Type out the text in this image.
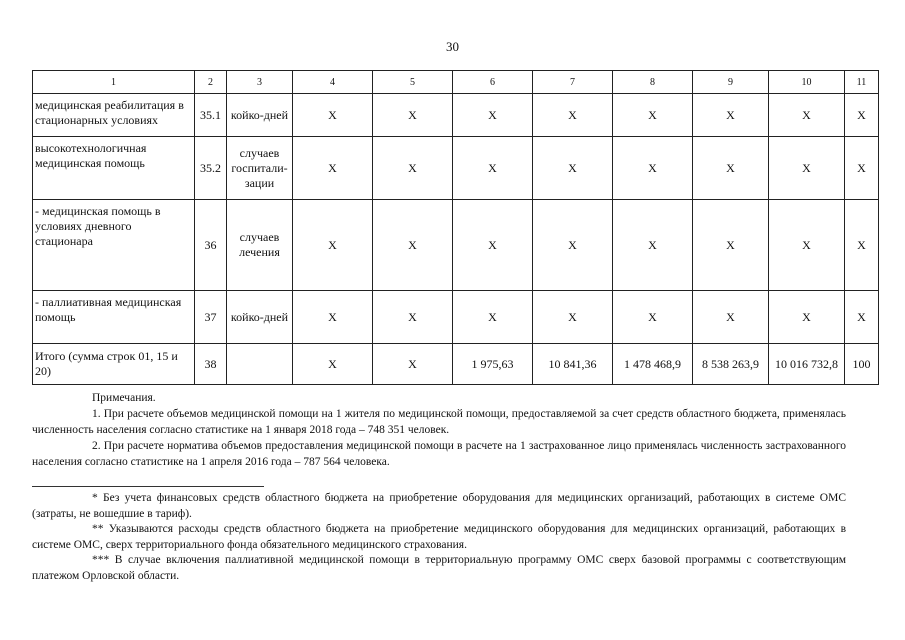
30
1	2	3	4	5	6	7	8	9	10	11
медицинская реабилитация в стационарных условиях	35.1	койко-дней	X	X	X	X	X	X	X	X
высокотехнологичная медицинская помощь	35.2	случаев госпитали-зации	X	X	X	X	X	X	X	X
- медицинская помощь в условиях дневного стационара	36	случаев лечения	X	X	X	X	X	X	X	X
- паллиативная медицинская помощь	37	койко-дней	X	X	X	X	X	X	X	X
Итого (сумма строк 01, 15 и 20)	38		X	X	1 975,63	10 841,36	1 478 468,9	8 538 263,9	10 016 732,8	100

Примечания.

1. При расчете объемов медицинской помощи на 1 жителя по медицинской помощи, предоставляемой за счет средств областного бюджета, применялась численность населения согласно статистике на 1 января 2018 года – 748 351 человек.

2. При расчете норматива объемов предоставления медицинской помощи в расчете на 1 застрахованное лицо применялась численность застрахованного населения согласно статистике на 1 апреля 2016 года – 787 564 человека.

* Без учета финансовых средств областного бюджета на приобретение оборудования для медицинских организаций, работающих в системе ОМС (затраты, не вошедшие в тариф).

** Указываются расходы средств областного бюджета на приобретение медицинского оборудования для медицинских организаций, работающих в системе ОМС, сверх территориального фонда обязательного медицинского страхования.

*** В случае включения паллиативной медицинской помощи в территориальную программу ОМС сверх базовой программы с соответствующим платежом Орловской области.
